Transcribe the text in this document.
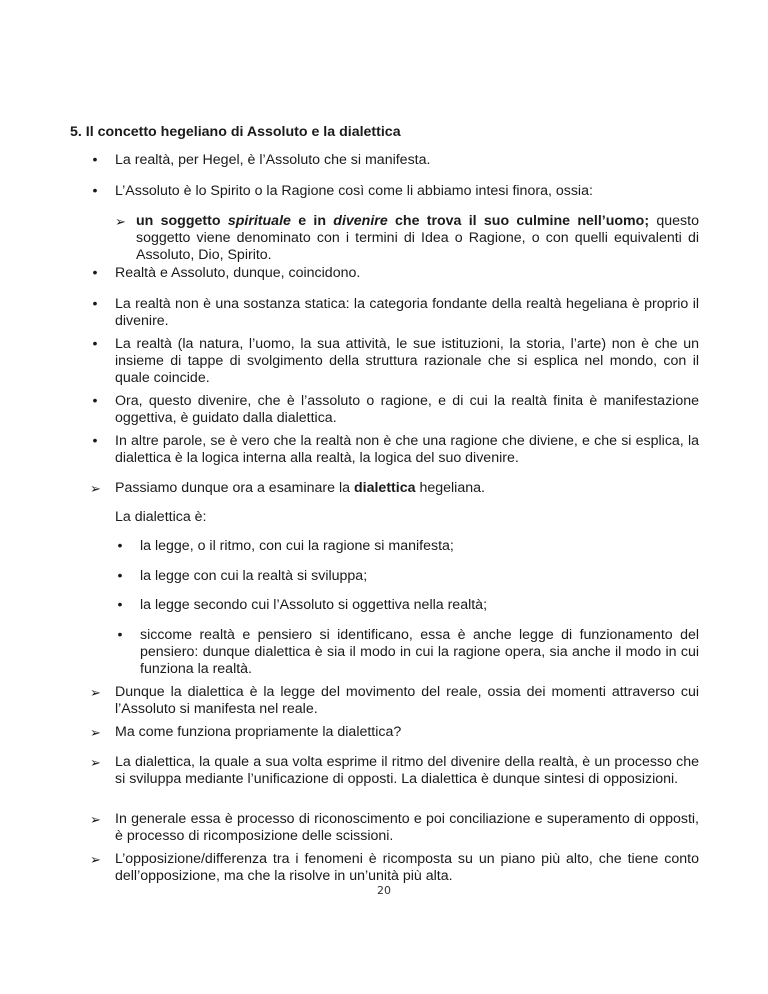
5. Il concetto hegeliano di Assoluto e la dialettica
• La realtà, per Hegel, è l’Assoluto che si manifesta.
• L’Assoluto è lo Spirito o la Ragione così come li abbiamo intesi finora, ossia:
➢ un soggetto spirituale e in divenire che trova il suo culmine nell’uomo; questo soggetto viene denominato con i termini di Idea o Ragione, o con quelli equivalenti di Assoluto, Dio, Spirito.
• Realtà e Assoluto, dunque, coincidono.
• La realtà non è una sostanza statica: la categoria fondante della realtà hegeliana è proprio il divenire.
• La realtà (la natura, l’uomo, la sua attività, le sue istituzioni, la storia, l’arte) non è che un insieme di tappe di svolgimento della struttura razionale che si esplica nel mondo, con il quale coincide.
• Ora, questo divenire, che è l’assoluto o ragione, e di cui la realtà finita è manifestazione oggettiva, è guidato dalla dialettica.
• In altre parole, se è vero che la realtà non è che una ragione che diviene, e che si esplica, la dialettica è la logica interna alla realtà, la logica del suo divenire.
➢ Passiamo dunque ora a esaminare la dialettica hegeliana.
La dialettica è:
• la legge, o il ritmo, con cui la ragione si manifesta;
• la legge con cui la realtà si sviluppa;
• la legge secondo cui l’Assoluto si oggettiva nella realtà;
• siccome realtà e pensiero si identificano, essa è anche legge di funzionamento del pensiero: dunque dialettica è sia il modo in cui la ragione opera, sia anche il modo in cui funziona la realtà.
➢ Dunque la dialettica è la legge del movimento del reale, ossia dei momenti attraverso cui l’Assoluto si manifesta nel reale.
➢ Ma come funziona propriamente la dialettica?
➢ La dialettica, la quale a sua volta esprime il ritmo del divenire della realtà, è un processo che si sviluppa mediante l’unificazione di opposti. La dialettica è dunque sintesi di opposizioni.
➢ In generale essa è processo di riconoscimento e poi conciliazione e superamento di opposti, è processo di ricomposizione delle scissioni.
➢ L’opposizione/differenza tra i fenomeni è ricomposta su un piano più alto, che tiene conto dell’opposizione, ma che la risolve in un’unità più alta.
20
